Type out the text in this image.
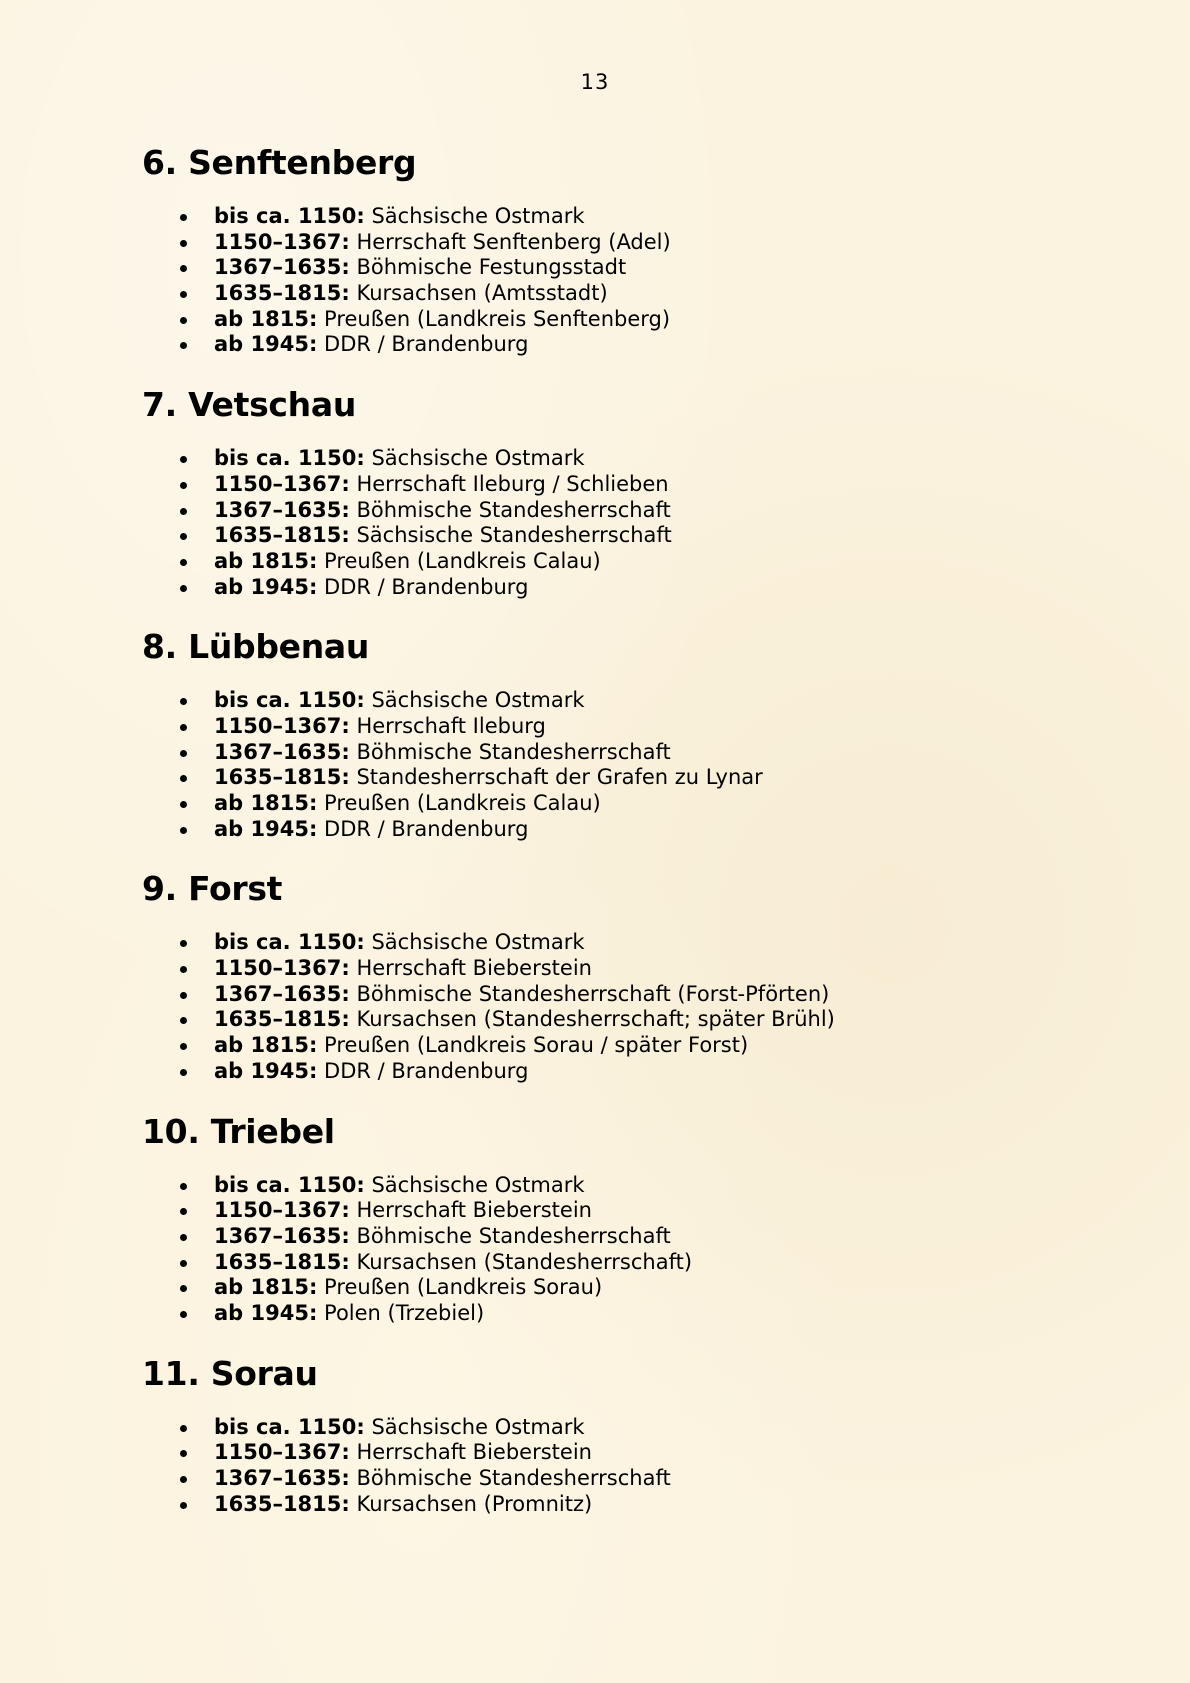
13
6. Senftenberg
bis ca. 1150: Sächsische Ostmark
1150–1367: Herrschaft Senftenberg (Adel)
1367–1635: Böhmische Festungsstadt
1635–1815: Kursachsen (Amtsstadt)
ab 1815: Preußen (Landkreis Senftenberg)
ab 1945: DDR / Brandenburg
7. Vetschau
bis ca. 1150: Sächsische Ostmark
1150–1367: Herrschaft Ileburg / Schlieben
1367–1635: Böhmische Standesherrschaft
1635–1815: Sächsische Standesherrschaft
ab 1815: Preußen (Landkreis Calau)
ab 1945: DDR / Brandenburg
8. Lübbenau
bis ca. 1150: Sächsische Ostmark
1150–1367: Herrschaft Ileburg
1367–1635: Böhmische Standesherrschaft
1635–1815: Standesherrschaft der Grafen zu Lynar
ab 1815: Preußen (Landkreis Calau)
ab 1945: DDR / Brandenburg
9. Forst
bis ca. 1150: Sächsische Ostmark
1150–1367: Herrschaft Bieberstein
1367–1635: Böhmische Standesherrschaft (Forst-Pförten)
1635–1815: Kursachsen (Standesherrschaft; später Brühl)
ab 1815: Preußen (Landkreis Sorau / später Forst)
ab 1945: DDR / Brandenburg
10. Triebel
bis ca. 1150: Sächsische Ostmark
1150–1367: Herrschaft Bieberstein
1367–1635: Böhmische Standesherrschaft
1635–1815: Kursachsen (Standesherrschaft)
ab 1815: Preußen (Landkreis Sorau)
ab 1945: Polen (Trzebiel)
11. Sorau
bis ca. 1150: Sächsische Ostmark
1150–1367: Herrschaft Bieberstein
1367–1635: Böhmische Standesherrschaft
1635–1815: Kursachsen (Promnitz)
